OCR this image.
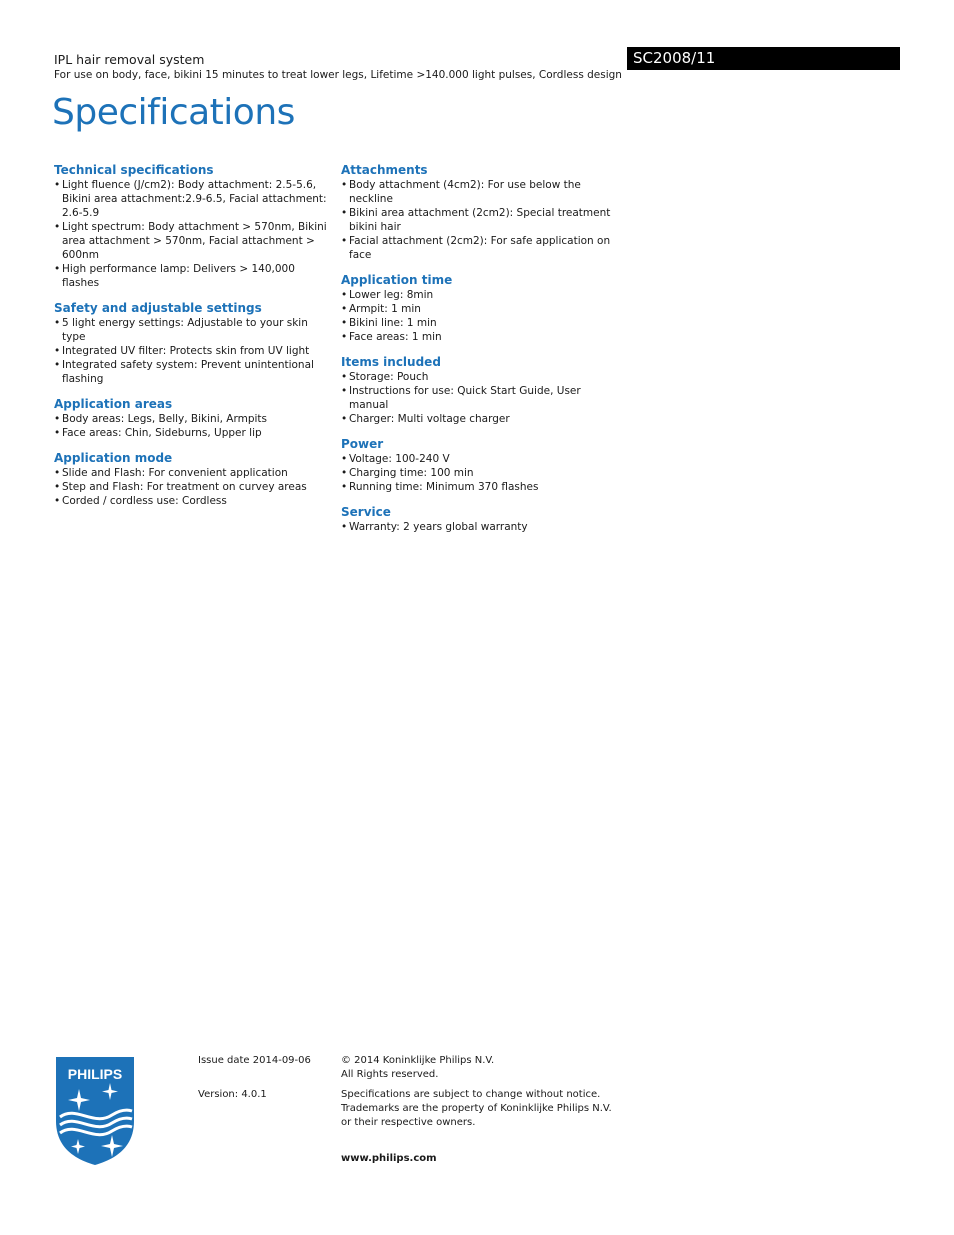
IPL hair removal system
For use on body, face, bikini 15 minutes to treat lower legs, Lifetime >140.000 light pulses, Cordless design
SC2008/11
Specifications
Technical specifications
• Light fluence (J/cm2): Body attachment: 2.5-5.6, Bikini area attachment:2.9-6.5, Facial attachment: 2.6-5.9
• Light spectrum: Body attachment > 570nm, Bikini area attachment > 570nm, Facial attachment > 600nm
• High performance lamp: Delivers > 140,000 flashes
Safety and adjustable settings
• 5 light energy settings: Adjustable to your skin type
• Integrated UV filter: Protects skin from UV light
• Integrated safety system: Prevent unintentional flashing
Application areas
• Body areas: Legs, Belly, Bikini, Armpits
• Face areas: Chin, Sideburns, Upper lip
Application mode
• Slide and Flash: For convenient application
• Step and Flash: For treatment on curvey areas
• Corded / cordless use: Cordless
Attachments
• Body attachment (4cm2): For use below the neckline
• Bikini area attachment (2cm2): Special treatment bikini hair
• Facial attachment (2cm2): For safe application on face
Application time
• Lower leg: 8min
• Armpit: 1 min
• Bikini line: 1 min
• Face areas: 1 min
Items included
• Storage: Pouch
• Instructions for use: Quick Start Guide, User manual
• Charger: Multi voltage charger
Power
• Voltage: 100-240 V
• Charging time: 100 min
• Running time: Minimum 370 flashes
Service
• Warranty: 2 years global warranty
PHILIPS
Issue date 2014-09-06
Version: 4.0.1
© 2014 Koninklijke Philips N.V.
All Rights reserved.
Specifications are subject to change without notice.
Trademarks are the property of Koninklijke Philips N.V.
or their respective owners.
www.philips.com
